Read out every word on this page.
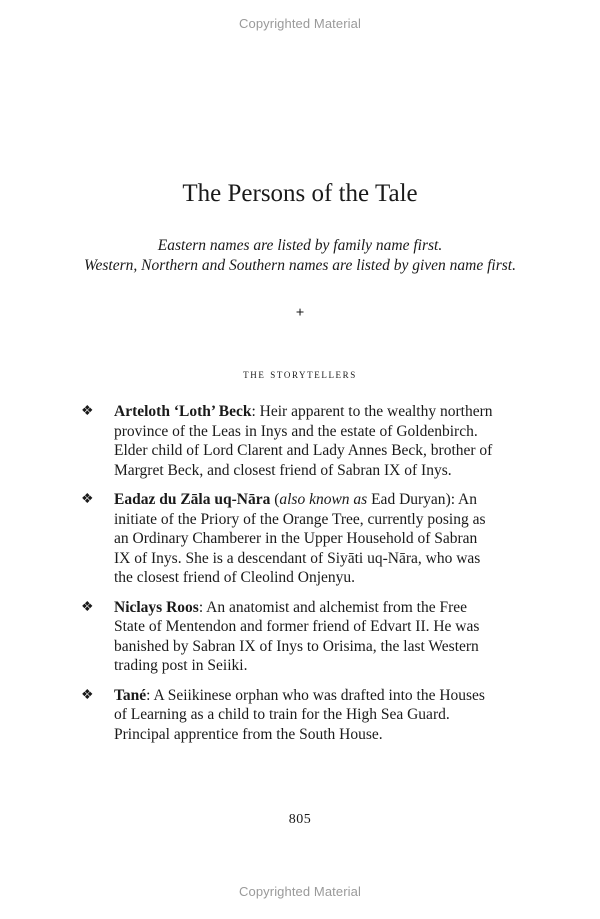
Copyrighted Material
The Persons of the Tale
Eastern names are listed by family name first.
Western, Northern and Southern names are listed by given name first.
+
the storytellers
❖ Arteloth ‘Loth’ Beck: Heir apparent to the wealthy northern province of the Leas in Inys and the estate of Goldenbirch. Elder child of Lord Clarent and Lady Annes Beck, brother of Margret Beck, and closest friend of Sabran IX of Inys.
❖ Eadaz du Zāla uq-Nāra (also known as Ead Duryan): An initiate of the Priory of the Orange Tree, currently posing as an Ordinary Chamberer in the Upper Household of Sabran IX of Inys. She is a descendant of Siyāti uq-Nāra, who was the closest friend of Cleolind Onjenyu.
❖ Niclays Roos: An anatomist and alchemist from the Free State of Mentendon and former friend of Edvart II. He was banished by Sabran IX of Inys to Orisima, the last Western trading post in Seiiki.
❖ Tané: A Seiikinese orphan who was drafted into the Houses of Learning as a child to train for the High Sea Guard. Principal apprentice from the South House.
805
Copyrighted Material
